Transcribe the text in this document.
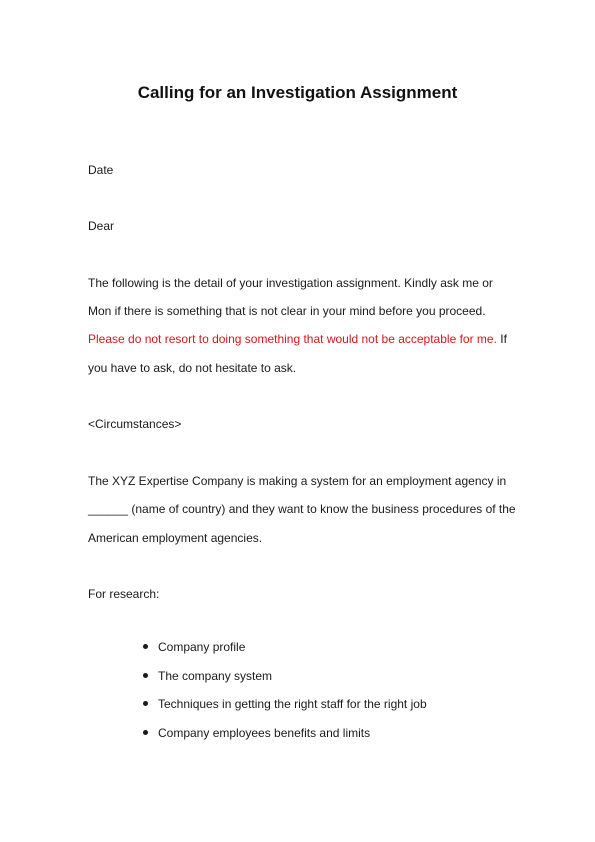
Calling for an Investigation Assignment

Date

Dear

The following is the detail of your investigation assignment. Kindly ask me or

Mon if there is something that is not clear in your mind before you proceed.

Please do not resort to doing something that would not be acceptable for me. If

you have to ask, do not hesitate to ask.

<Circumstances>

The XYZ Expertise Company is making a system for an employment agency in

______ (name of country) and they want to know the business procedures of the

American employment agencies.

For research:

Company profile
The company system
Techniques in getting the right staff for the right job
Company employees benefits and limits
